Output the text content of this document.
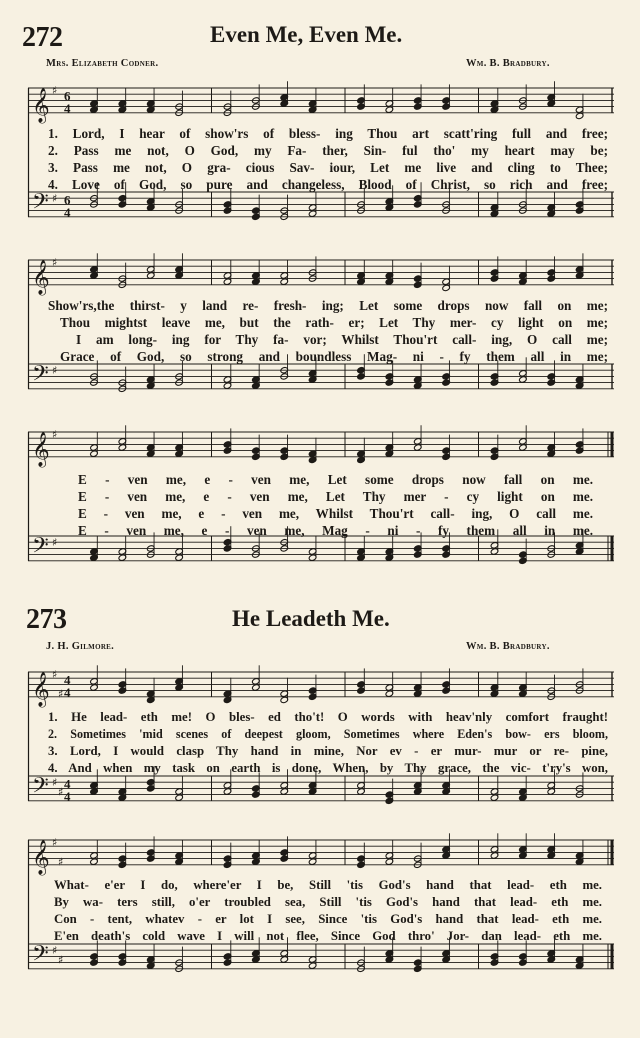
272	Even Me, Even Me.
Mrs. Elizabeth Codner.	Wm. B. Bradbury.
𝄞
𝄢
♯
♯
6
4
6
4
1. Lord, I hear of show'rs of bless- ing Thou art scatt'ring full and free;
2. Pass me not, O God, my Fa- ther, Sin- ful tho' my heart may be;
3. Pass me not, O gra- cious Sav- iour, Let me live and cling to Thee;
4. Love of God, so pure and changeless, Blood of Christ, so rich and free;
𝄞
𝄢
♯
♯
Show'rs,the thirst- y land re- fresh- ing; Let some drops now fall on me;
Thou mightst leave me, but the rath- er; Let Thy mer- cy light on me;
I am long- ing for Thy fa- vor; Whilst Thou'rt call- ing, O call me;
Grace of God, so strong and boundless Mag- ni - fy them all in me;
𝄞
𝄢
♯
♯
E - ven me, e - ven me, Let some drops now fall on me.
E - ven me, e - ven me, Let Thy mer - cy light on me.
E - ven me, e - ven me, Whilst Thou'rt call- ing, O call me.
E - ven me, e - ven me, Mag - ni - fy them all in me.
273	He Leadeth Me.
J. H. Gilmore.	Wm. B. Bradbury.
𝄞
𝄢
♯
♯
♯
♯
4
4
4
4
1. He lead- eth me! O bles- ed tho't! O words with heav'nly comfort fraught!
2. Sometimes 'mid scenes of deepest gloom, Sometimes where Eden's bow- ers bloom,
3. Lord, I would clasp Thy hand in mine, Nor ev - er mur- mur or re- pine,
4. And when my task on earth is done, When, by Thy grace, the vic- t'ry's won,
𝄞
𝄢
♯
♯
♯
♯
What- e'er I do, where'er I be, Still 'tis God's hand that lead- eth me.
By wa- ters still, o'er troubled sea, Still 'tis God's hand that lead- eth me.
Con - tent, whatev - er lot I see, Since 'tis God's hand that lead- eth me.
E'en death's cold wave I will not flee, Since God thro' Jor- dan lead- eth me.
